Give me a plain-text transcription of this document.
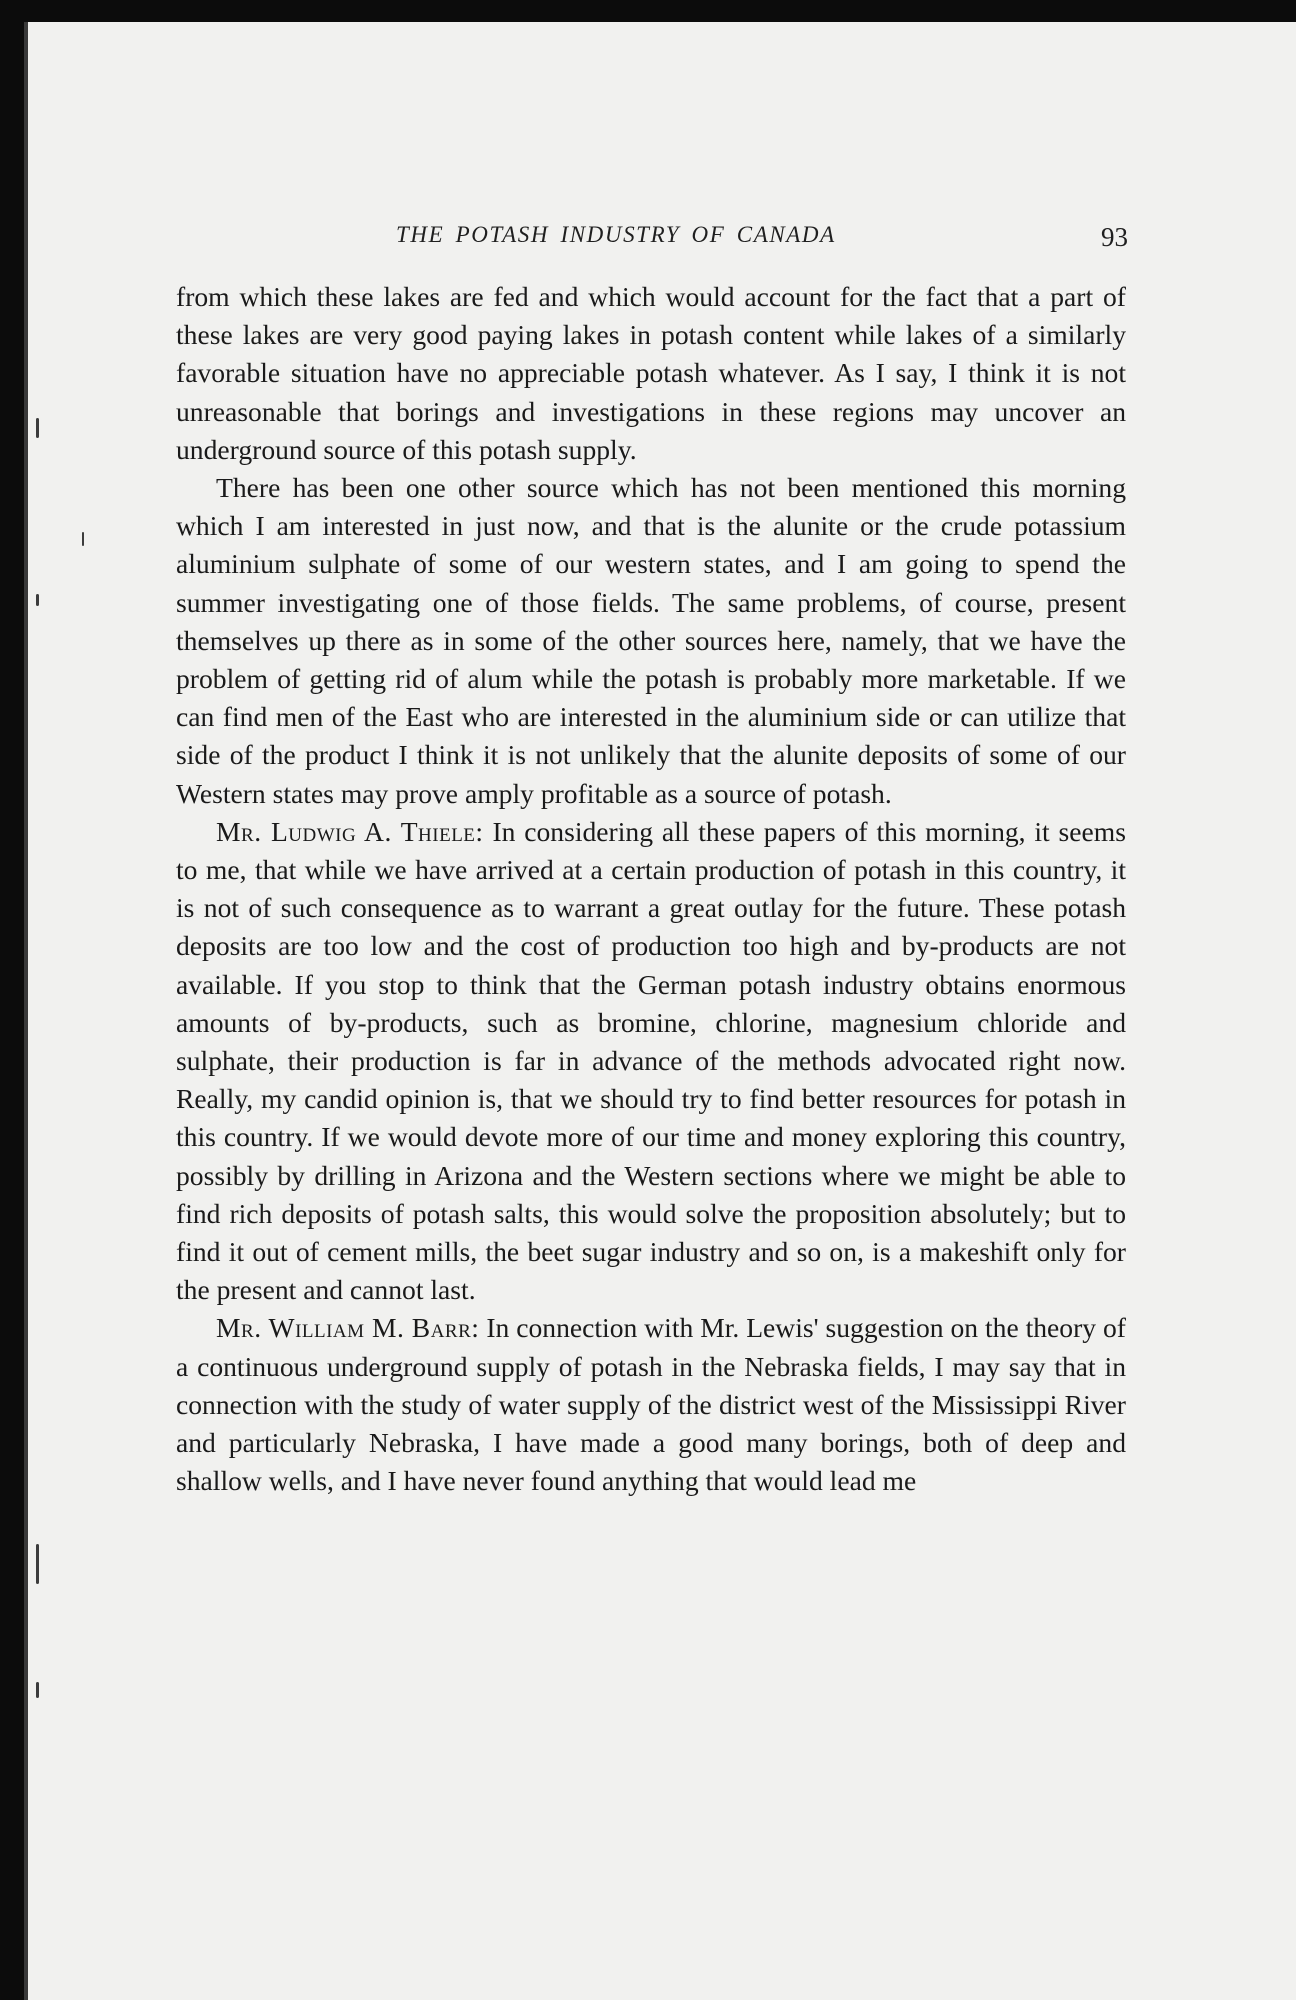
THE POTASH INDUSTRY OF CANADA	93

from which these lakes are fed and which would account for the fact that a part of these lakes are very good paying lakes in potash content while lakes of a similarly favorable situation have no appreciable potash whatever. As I say, I think it is not unreasonable that borings and investigations in these regions may uncover an underground source of this potash supply.

There has been one other source which has not been mentioned this morning which I am interested in just now, and that is the alunite or the crude potassium aluminium sulphate of some of our western states, and I am going to spend the summer investigating one of those fields. The same problems, of course, present themselves up there as in some of the other sources here, namely, that we have the problem of getting rid of alum while the potash is probably more marketable. If we can find men of the East who are interested in the aluminium side or can utilize that side of the product I think it is not unlikely that the alunite deposits of some of our Western states may prove amply profitable as a source of potash.

Mr. Ludwig A. Thiele: In considering all these papers of this morning, it seems to me, that while we have arrived at a certain production of potash in this country, it is not of such consequence as to warrant a great outlay for the future. These potash deposits are too low and the cost of production too high and by-products are not available. If you stop to think that the German potash industry obtains enormous amounts of by-products, such as bromine, chlorine, magnesium chloride and sulphate, their production is far in advance of the methods advocated right now. Really, my candid opinion is, that we should try to find better resources for potash in this country. If we would devote more of our time and money exploring this country, possibly by drilling in Arizona and the Western sections where we might be able to find rich deposits of potash salts, this would solve the proposition absolutely; but to find it out of cement mills, the beet sugar industry and so on, is a makeshift only for the present and cannot last.

Mr. William M. Barr: In connection with Mr. Lewis' suggestion on the theory of a continuous underground supply of potash in the Nebraska fields, I may say that in connection with the study of water supply of the district west of the Mississippi River and particularly Nebraska, I have made a good many borings, both of deep and shallow wells, and I have never found anything that would lead me
